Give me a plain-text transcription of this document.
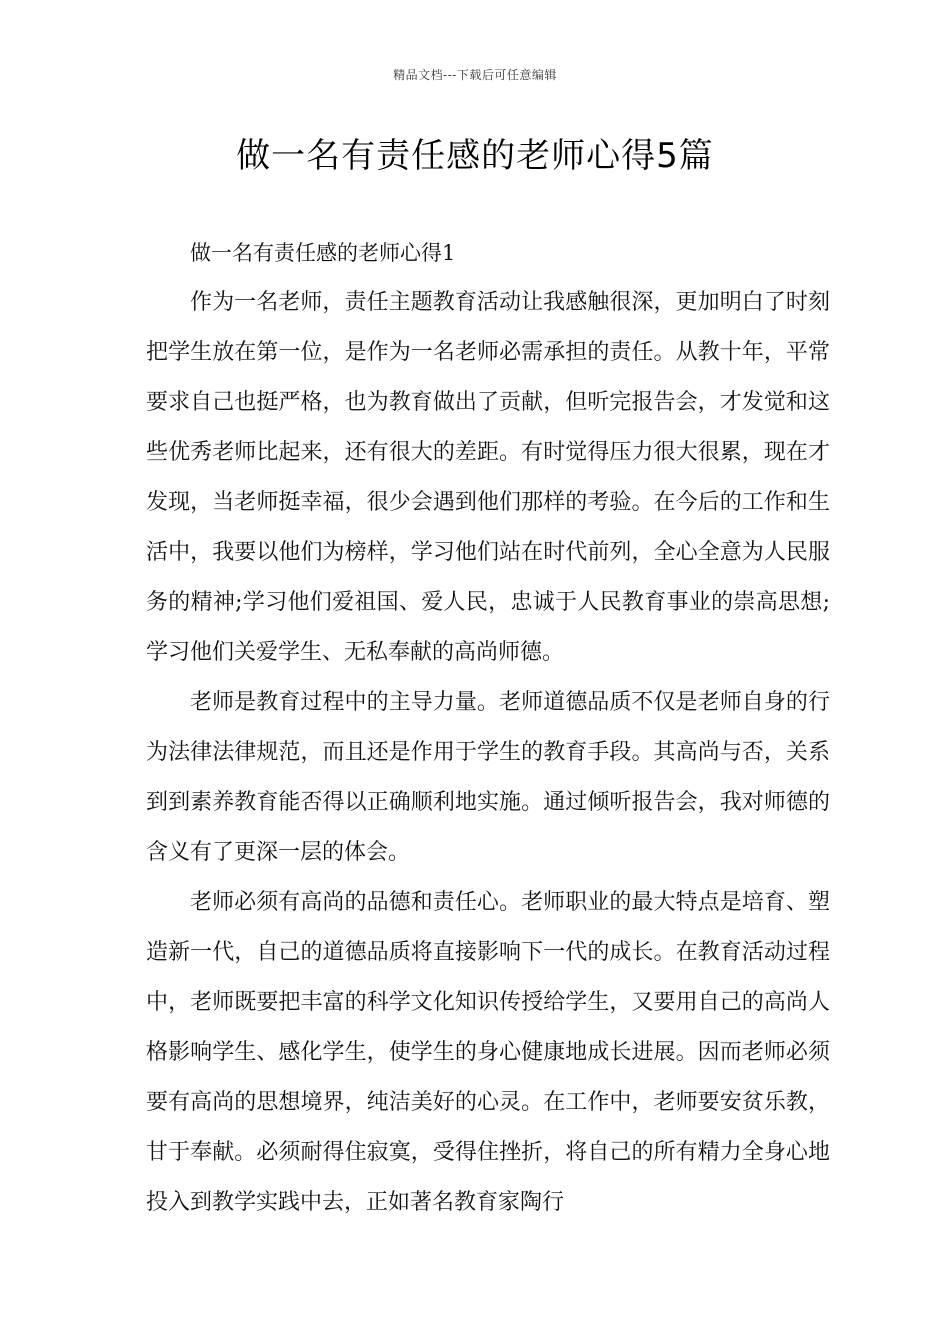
精品文档---下载后可任意编辑
做一名有责任感的老师心得5篇

做一名有责任感的老师心得1

作为一名老师，责任主题教育活动让我感触很深，更加明白了时刻把学生放在第一位，是作为一名老师必需承担的责任。从教十年，平常要求自己也挺严格，也为教育做出了贡献，但听完报告会，才发觉和这些优秀老师比起来，还有很大的差距。有时觉得压力很大很累，现在才发现，当老师挺幸福，很少会遇到他们那样的考验。在今后的工作和生活中，我要以他们为榜样，学习他们站在时代前列，全心全意为人民服务的精神;学习他们爱祖国、爱人民，忠诚于人民教育事业的崇高思想;学习他们关爱学生、无私奉献的高尚师德。

老师是教育过程中的主导力量。老师道德品质不仅是老师自身的行为法律法律规范，而且还是作用于学生的教育手段。其高尚与否，关系到到素养教育能否得以正确顺利地实施。通过倾听报告会，我对师德的含义有了更深一层的体会。

老师必须有高尚的品德和责任心。老师职业的最大特点是培育、塑造新一代，自己的道德品质将直接影响下一代的成长。在教育活动过程中，老师既要把丰富的科学文化知识传授给学生，又要用自己的高尚人格影响学生、感化学生，使学生的身心健康地成长进展。因而老师必须要有高尚的思想境界，纯洁美好的心灵。在工作中，老师要安贫乐教，甘于奉献。必须耐得住寂寞，受得住挫折，将自己的所有精力全身心地投入到教学实践中去，正如著名教育家陶行
